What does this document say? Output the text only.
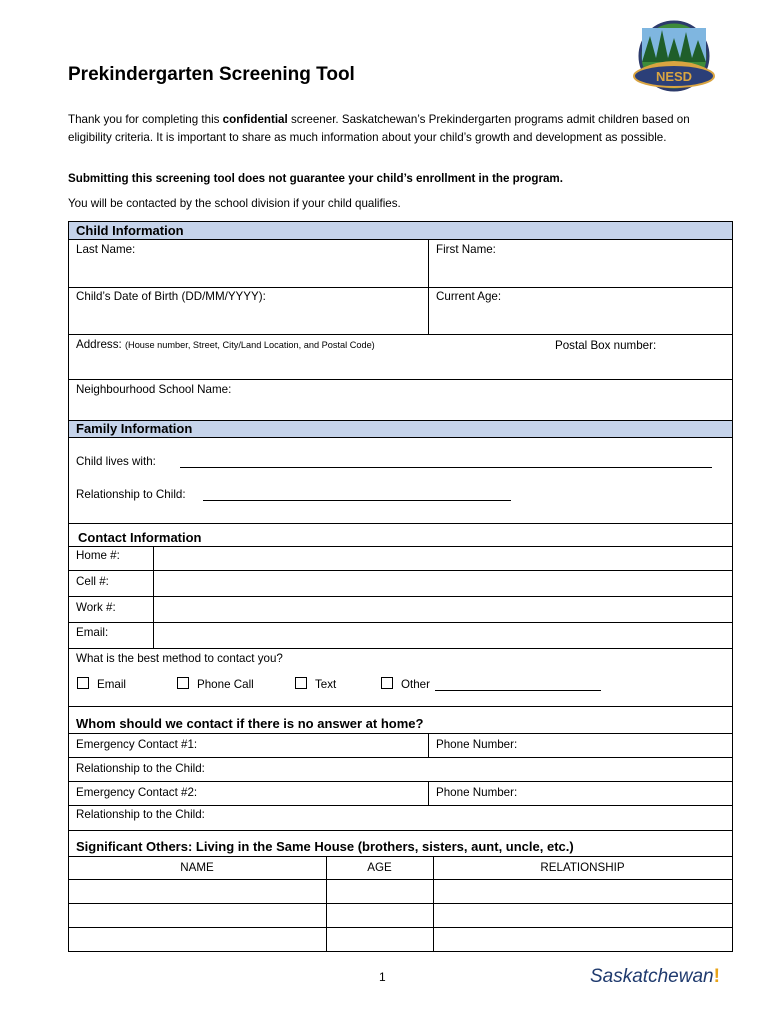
NESD
Prekindergarten Screening Tool
Thank you for completing this confidential screener. Saskatchewan’s Prekindergarten programs admit children based on eligibility criteria. It is important to share as much information about your child’s growth and development as possible.
Submitting this screening tool does not guarantee your child’s enrollment in the program.
You will be contacted by the school division if your child qualifies.
Child Information
Last Name:	First Name:
Child’s Date of Birth (DD/MM/YYYY):	Current Age:
Address: (House number, Street, City/Land Location, and Postal Code)	Postal Box number:
Neighbourhood School Name:
Family Information
Child lives with:
Relationship to Child:
Contact Information
Home #:
Cell #:
Work #:
Email:
What is the best method to contact you?
Email	Phone Call	Text	Other
Whom should we contact if there is no answer at home?
Emergency Contact #1:	Phone Number:
Relationship to the Child:
Emergency Contact #2:	Phone Number:
Relationship to the Child:
Significant Others: Living in the Same House (brothers, sisters, aunt, uncle, etc.)
NAME	AGE	RELATIONSHIP
1	Saskatchewan!
